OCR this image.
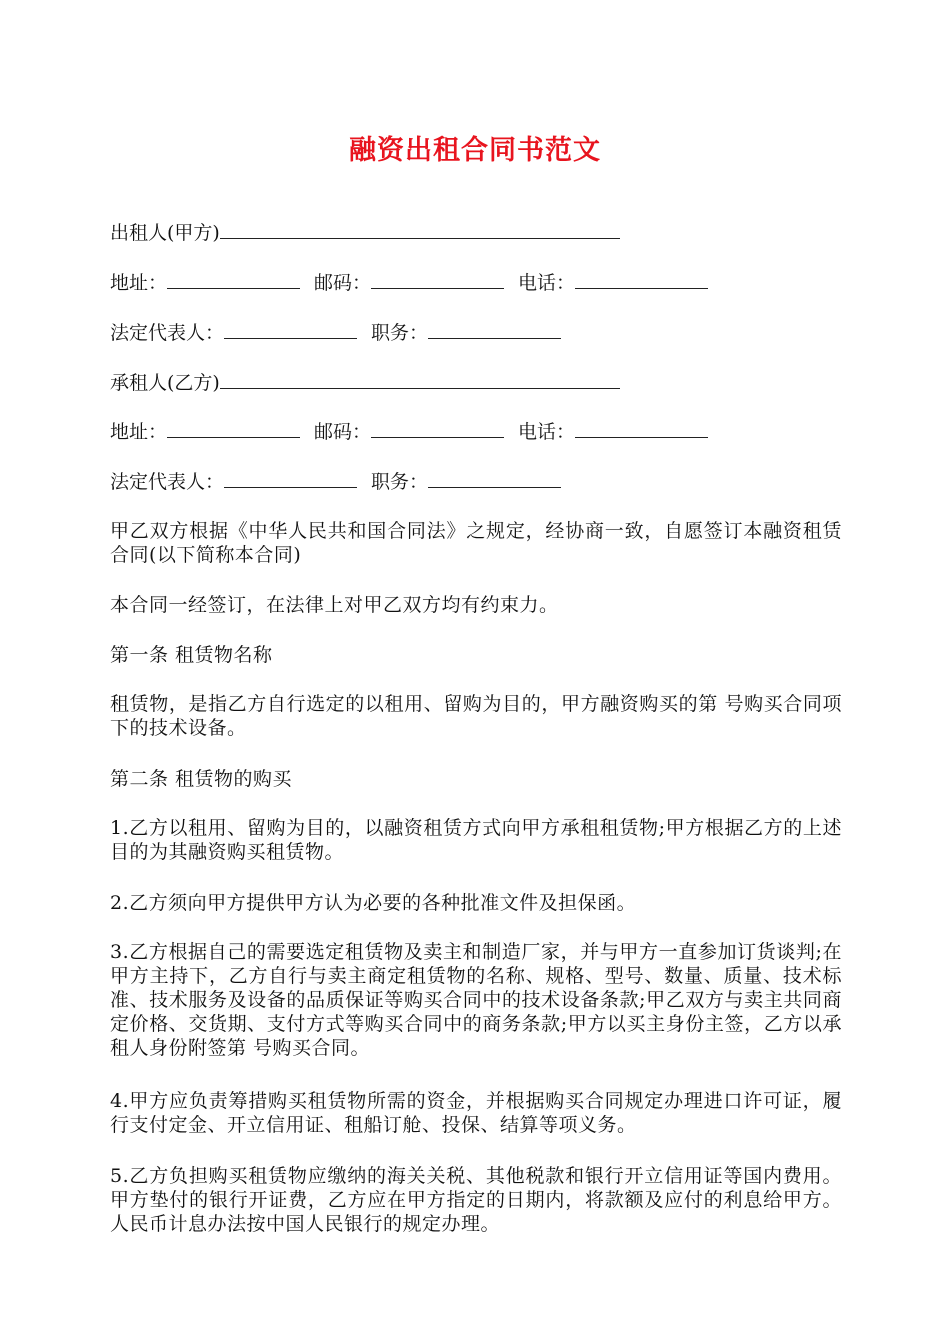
融资出租合同书范文
出租人(甲方)
地址：	邮码：	电话：
法定代表人：	职务：
承租人(乙方)
地址：	邮码：	电话：
法定代表人：	职务：
甲乙双方根据《中华人民共和国合同法》之规定，经协商一致，自愿签订本融资租赁合同(以下简称本合同)
本合同一经签订，在法律上对甲乙双方均有约束力。
第一条 租赁物名称
租赁物，是指乙方自行选定的以租用、留购为目的，甲方融资购买的第 号购买合同项下的技术设备。
第二条 租赁物的购买
1.乙方以租用、留购为目的，以融资租赁方式向甲方承租租赁物;甲方根据乙方的上述目的为其融资购买租赁物。
2.乙方须向甲方提供甲方认为必要的各种批准文件及担保函。
3.乙方根据自己的需要选定租赁物及卖主和制造厂家，并与甲方一直参加订货谈判;在甲方主持下，乙方自行与卖主商定租赁物的名称、规格、型号、数量、质量、技术标准、技术服务及设备的品质保证等购买合同中的技术设备条款;甲乙双方与卖主共同商定价格、交货期、支付方式等购买合同中的商务条款;甲方以买主身份主签，乙方以承租人身份附签第 号购买合同。
4.甲方应负责筹措购买租赁物所需的资金，并根据购买合同规定办理进口许可证，履行支付定金、开立信用证、租船订舱、投保、结算等项义务。
5.乙方负担购买租赁物应缴纳的海关关税、其他税款和银行开立信用证等国内费用。甲方垫付的银行开证费，乙方应在甲方指定的日期内，将款额及应付的利息给甲方。人民币计息办法按中国人民银行的规定办理。
